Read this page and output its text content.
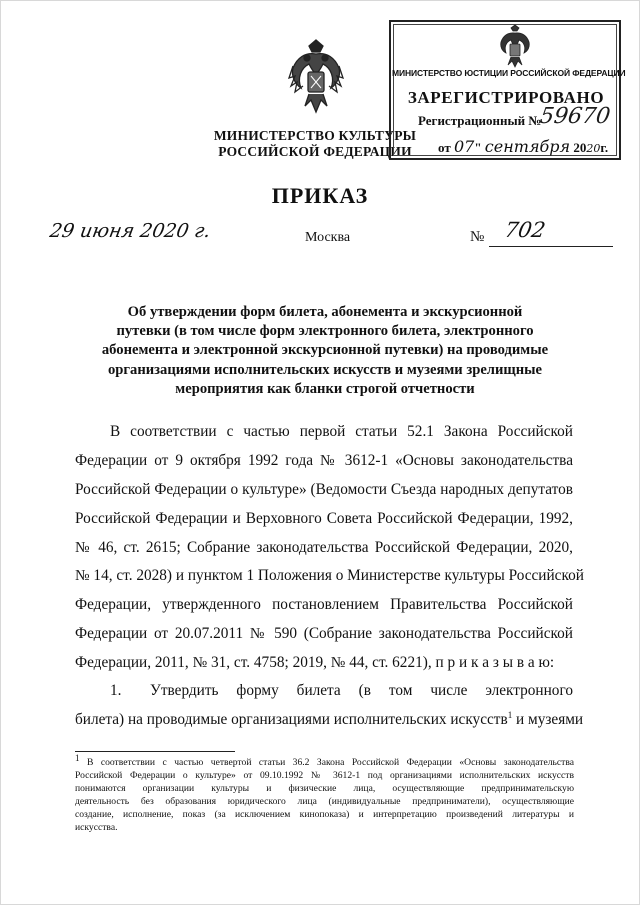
МИНИСТЕРСТВО КУЛЬТУРЫ
РОССИЙСКОЙ ФЕДЕРАЦИИ
МИНИСТЕРСТВО ЮСТИЦИИ РОССИЙСКОЙ ФЕДЕРАЦИИ
ЗАРЕГИСТРИРОВАНО
Регистрационный №
59670
от 07" сентября 2020г.
ПРИКАЗ
29 июня 2020 г.	Москва	№ 702
Об утверждении форм билета, абонемента и экскурсионной
путевки (в том числе форм электронного билета, электронного
абонемента и электронной экскурсионной путевки) на проводимые
организациями исполнительских искусств и музеями зрелищные
мероприятия как бланки строгой отчетности
В соответствии с частью первой статьи 52.1 Закона Российской
Федерации от 9 октября 1992 года № 3612-1 «Основы законодательства
Российской Федерации о культуре» (Ведомости Съезда народных депутатов
Российской Федерации и Верховного Совета Российской Федерации, 1992,
№ 46, ст. 2615; Собрание законодательства Российской Федерации, 2020,
№ 14, ст. 2028) и пунктом 1 Положения о Министерстве культуры Российской
Федерации, утвержденного постановлением Правительства Российской
Федерации от 20.07.2011 № 590 (Собрание законодательства Российской
Федерации, 2011, № 31, ст. 4758; 2019, № 44, ст. 6221), п р и к а з ы в а ю:
1. Утвердить форму билета (в том числе электронного
билета) на проводимые организациями исполнительских искусств$^1$ и музеями
$^1$ В соответствии с частью четвертой статьи 36.2 Закона Российской Федерации «Основы законодательства
Российской Федерации о культуре» от 09.10.1992 № 3612-1 под организациями исполнительских искусств
понимаются организации культуры и физические лица, осуществляющие предпринимательскую
деятельность без образования юридического лица (индивидуальные предприниматели), осуществляющие
создание, исполнение, показ (за исключением кинопоказа) и интерпретацию произведений литературы и
искусства.
